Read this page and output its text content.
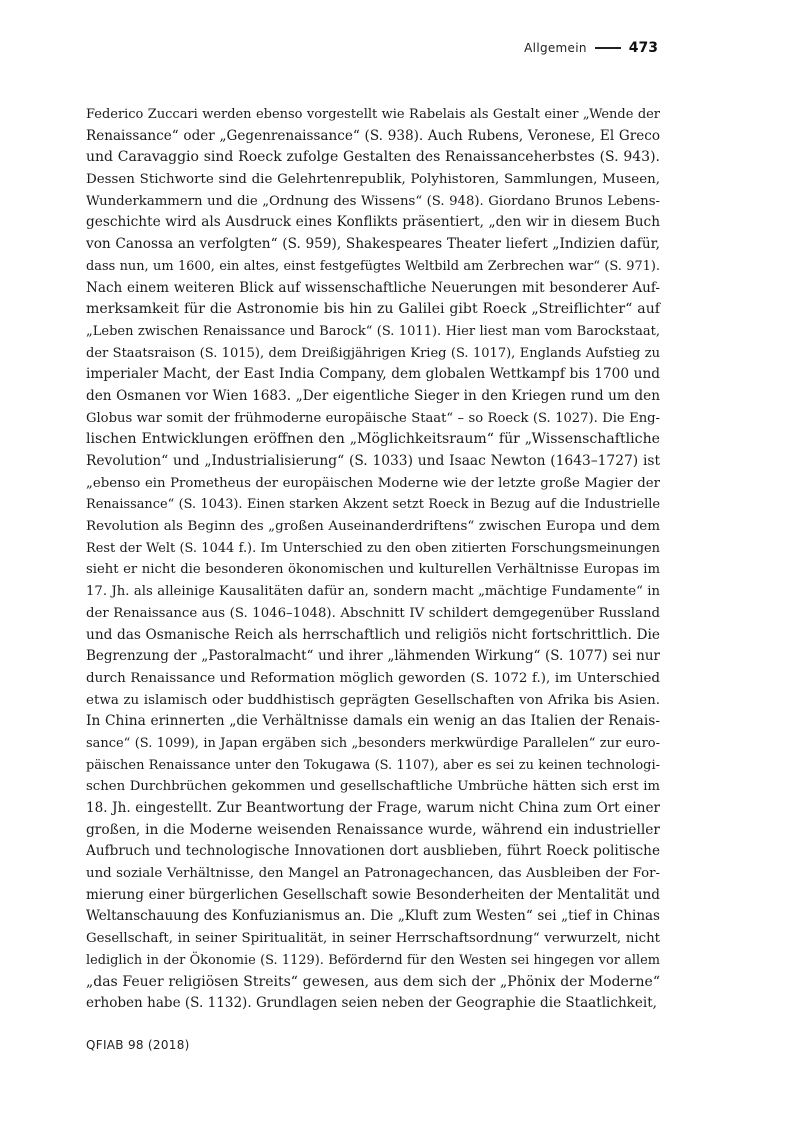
Allgemein	473
Federico Zuccari werden ebenso vorgestellt wie Rabelais als Gestalt einer „Wende der
Renaissance“ oder „Gegenrenaissance“ (S. 938). Auch Rubens, Veronese, El Greco
und Caravaggio sind Roeck zufolge Gestalten des Renaissanceherbstes (S. 943).
Dessen Stichworte sind die Gelehrtenrepublik, Polyhistoren, Sammlungen, Museen,
Wunderkammern und die „Ordnung des Wissens“ (S. 948). Giordano Brunos Lebens-
geschichte wird als Ausdruck eines Konflikts präsentiert, „den wir in diesem Buch
von Canossa an verfolgten“ (S. 959), Shakespeares Theater liefert „Indizien dafür,
dass nun, um 1600, ein altes, einst festgefügtes Weltbild am Zerbrechen war“ (S. 971).
Nach einem weiteren Blick auf wissenschaftliche Neuerungen mit besonderer Auf-
merksamkeit für die Astronomie bis hin zu Galilei gibt Roeck „Streiflichter“ auf
„Leben zwischen Renaissance und Barock“ (S. 1011). Hier liest man vom Barockstaat,
der Staatsraison (S. 1015), dem Dreißigjährigen Krieg (S. 1017), Englands Aufstieg zu
imperialer Macht, der East India Company, dem globalen Wettkampf bis 1700 und
den Osmanen vor Wien 1683. „Der eigentliche Sieger in den Kriegen rund um den
Globus war somit der frühmoderne europäische Staat“ – so Roeck (S. 1027). Die Eng-
lischen Entwicklungen eröffnen den „Möglichkeitsraum“ für „Wissenschaftliche
Revolution“ und „Industrialisierung“ (S. 1033) und Isaac Newton (1643–1727) ist
„ebenso ein Prometheus der europäischen Moderne wie der letzte große Magier der
Renaissance“ (S. 1043). Einen starken Akzent setzt Roeck in Bezug auf die Industrielle
Revolution als Beginn des „großen Auseinanderdriftens“ zwischen Europa und dem
Rest der Welt (S. 1044 f.). Im Unterschied zu den oben zitierten Forschungsmeinungen
sieht er nicht die besonderen ökonomischen und kulturellen Verhältnisse Europas im
17. Jh. als alleinige Kausalitäten dafür an, sondern macht „mächtige Fundamente“ in
der Renaissance aus (S. 1046–1048). Abschnitt IV schildert demgegenüber Russland
und das Osmanische Reich als herrschaftlich und religiös nicht fortschrittlich. Die
Begrenzung der „Pastoralmacht“ und ihrer „lähmenden Wirkung“ (S. 1077) sei nur
durch Renaissance und Reformation möglich geworden (S. 1072 f.), im Unterschied
etwa zu islamisch oder buddhistisch geprägten Gesellschaften von Afrika bis Asien.
In China erinnerten „die Verhältnisse damals ein wenig an das Italien der Renais-
sance“ (S. 1099), in Japan ergäben sich „besonders merkwürdige Parallelen“ zur euro-
päischen Renaissance unter den Tokugawa (S. 1107), aber es sei zu keinen technologi-
schen Durchbrüchen gekommen und gesellschaftliche Umbrüche hätten sich erst im
18. Jh. eingestellt. Zur Beantwortung der Frage, warum nicht China zum Ort einer
großen, in die Moderne weisenden Renaissance wurde, während ein industrieller
Aufbruch und technologische Innovationen dort ausblieben, führt Roeck politische
und soziale Verhältnisse, den Mangel an Patronagechancen, das Ausbleiben der For-
mierung einer bürgerlichen Gesellschaft sowie Besonderheiten der Mentalität und
Weltanschauung des Konfuzianismus an. Die „Kluft zum Westen“ sei „tief in Chinas
Gesellschaft, in seiner Spiritualität, in seiner Herrschaftsordnung“ verwurzelt, nicht
lediglich in der Ökonomie (S. 1129). Befördernd für den Westen sei hingegen vor allem
„das Feuer religiösen Streits“ gewesen, aus dem sich der „Phönix der Moderne“
erhoben habe (S. 1132). Grundlagen seien neben der Geographie die Staatlichkeit,
QFIAB 98 (2018)
